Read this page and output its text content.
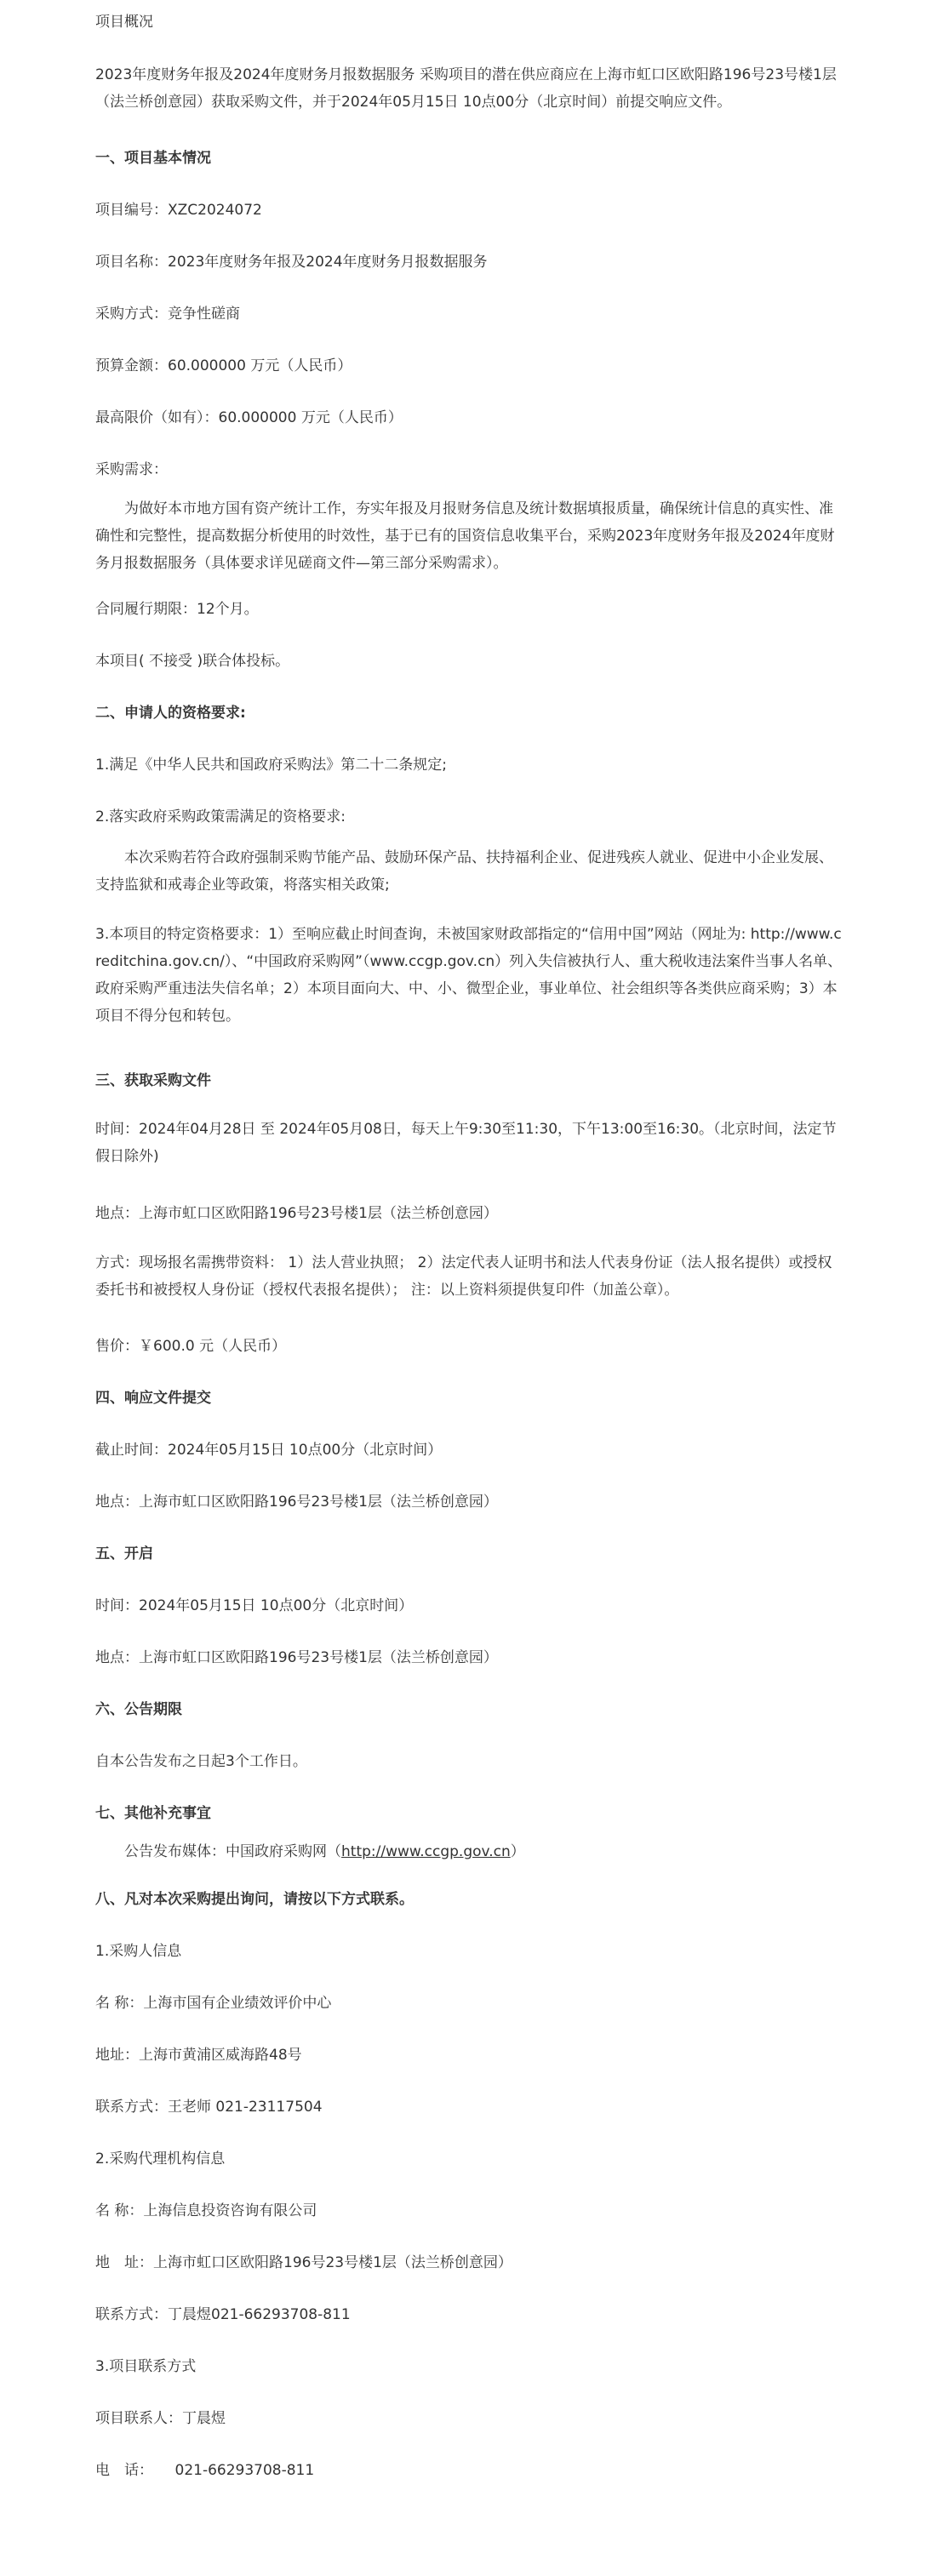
项目概况
2023年度财务年报及2024年度财务月报数据服务 采购项目的潜在供应商应在上海市虹口区欧阳路196号23号楼1层（法兰桥创意园）获取采购文件，并于2024年05月15日 10点00分（北京时间）前提交响应文件。
一、项目基本情况
项目编号：XZC2024072
项目名称：2023年度财务年报及2024年度财务月报数据服务
采购方式：竞争性磋商
预算金额：60.000000 万元（人民币）
最高限价（如有）：60.000000 万元（人民币）
采购需求：
为做好本市地方国有资产统计工作，夯实年报及月报财务信息及统计数据填报质量，确保统计信息的真实性、准确性和完整性，提高数据分析使用的时效性，基于已有的国资信息收集平台，采购2023年度财务年报及2024年度财务月报数据服务（具体要求详见磋商文件—第三部分采购需求）。
合同履行期限：12个月。
本项目( 不接受 )联合体投标。
二、申请人的资格要求:
1.满足《中华人民共和国政府采购法》第二十二条规定;
2.落实政府采购政策需满足的资格要求:
本次采购若符合政府强制采购节能产品、鼓励环保产品、扶持福利企业、促进残疾人就业、促进中小企业发展、支持监狱和戒毒企业等政策，将落实相关政策;
3.本项目的特定资格要求：1）至响应截止时间查询，未被国家财政部指定的“信用中国”网站（网址为: http://www.creditchina.gov.cn/）、“中国政府采购网”（www.ccgp.gov.cn）列入失信被执行人、重大税收违法案件当事人名单、政府采购严重违法失信名单；2）本项目面向大、中、小、微型企业，事业单位、社会组织等各类供应商采购；3）本项目不得分包和转包。
三、获取采购文件
时间：2024年04月28日 至 2024年05月08日，每天上午9:30至11:30，下午13:00至16:30。（北京时间，法定节假日除外)
地点：上海市虹口区欧阳路196号23号楼1层（法兰桥创意园）
方式：现场报名需携带资料： 1）法人营业执照； 2）法定代表人证明书和法人代表身份证（法人报名提供）或授权委托书和被授权人身份证（授权代表报名提供）； 注：以上资料须提供复印件（加盖公章）。
售价：￥600.0 元（人民币）
四、响应文件提交
截止时间：2024年05月15日 10点00分（北京时间）
地点：上海市虹口区欧阳路196号23号楼1层（法兰桥创意园）
五、开启
时间：2024年05月15日 10点00分（北京时间）
地点：上海市虹口区欧阳路196号23号楼1层（法兰桥创意园）
六、公告期限
自本公告发布之日起3个工作日。
七、其他补充事宜
公告发布媒体：中国政府采购网（http://www.ccgp.gov.cn）
八、凡对本次采购提出询问，请按以下方式联系。
1.采购人信息
名 称：上海市国有企业绩效评价中心
地址：上海市黄浦区威海路48号
联系方式：王老师 021-23117504
2.采购代理机构信息
名 称：上海信息投资咨询有限公司
地　址：上海市虹口区欧阳路196号23号楼1层（法兰桥创意园）
联系方式：丁晨煜021-66293708-811
3.项目联系方式
项目联系人：丁晨煜
电　话：　　021-66293708-811
